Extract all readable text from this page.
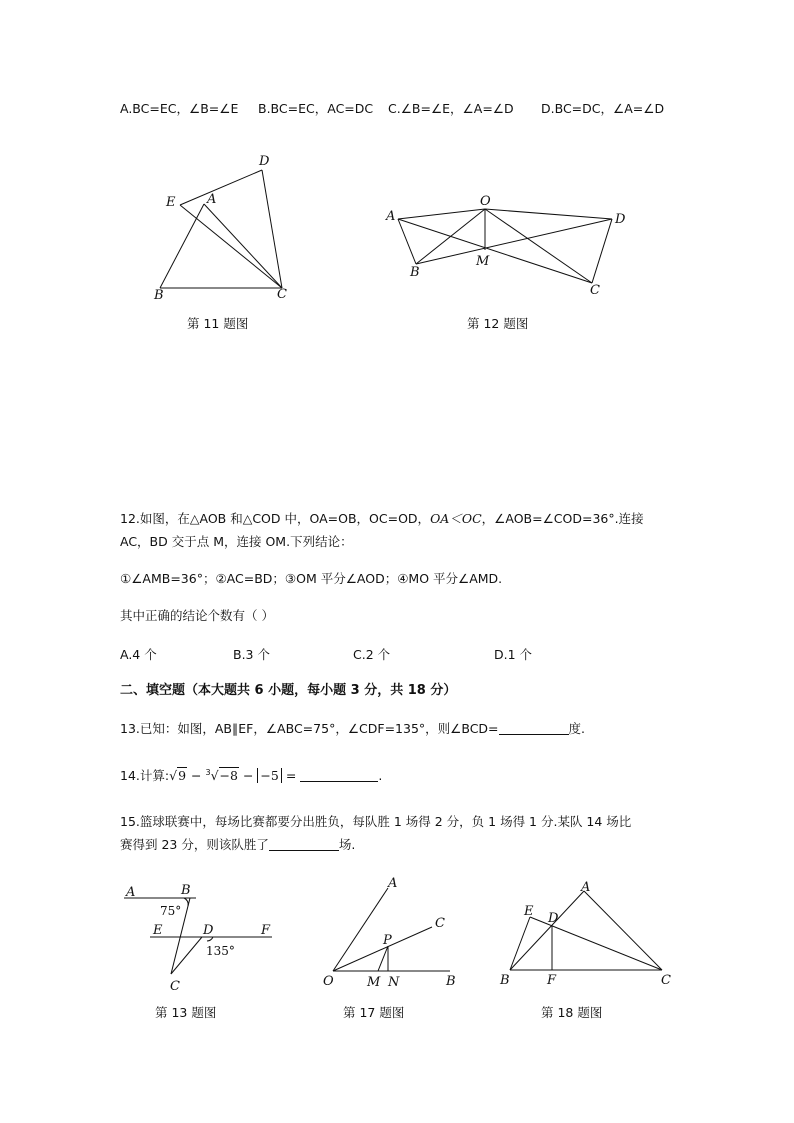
A.BC=EC，∠B=∠E B.BC=EC，AC=DC C.∠B=∠E，∠A=∠D D.BC=DC，∠A=∠D
D
E A
B	C
第 11 题图
O
A	D
B
M
C
第 12 题图
12.如图，在△AOB 和△COD 中，OA=OB，OC=OD，OA＜OC，∠AOB=∠COD=36°.连接
AC，BD 交于点 M，连接 OM.下列结论：
①∠AMB=36°；②AC=BD；③OM 平分∠AOD；④MO 平分∠AMD.
其中正确的结论个数有（ ）
A.4 个	B.3 个	C.2 个	D.1 个
二、填空题（本大题共 6 小题，每小题 3 分，共 18 分）
13.已知：如图，AB∥EF，∠ABC=75°，∠CDF=135°，则∠BCD=	度.
14.计算:√9 − $^3$√−8 − −5 =	.
15.篮球联赛中，每场比赛都要分出胜负，每队胜 1 场得 2 分，负 1 场得 1 分.某队 14 场比
赛得到 23 分，则该队胜了	场.
A	B
E	D	F
C
75°
135°
第 13 题图
A
C
P
O	M N	B
第 17 题图
A
E D
B	F	C
第 18 题图
